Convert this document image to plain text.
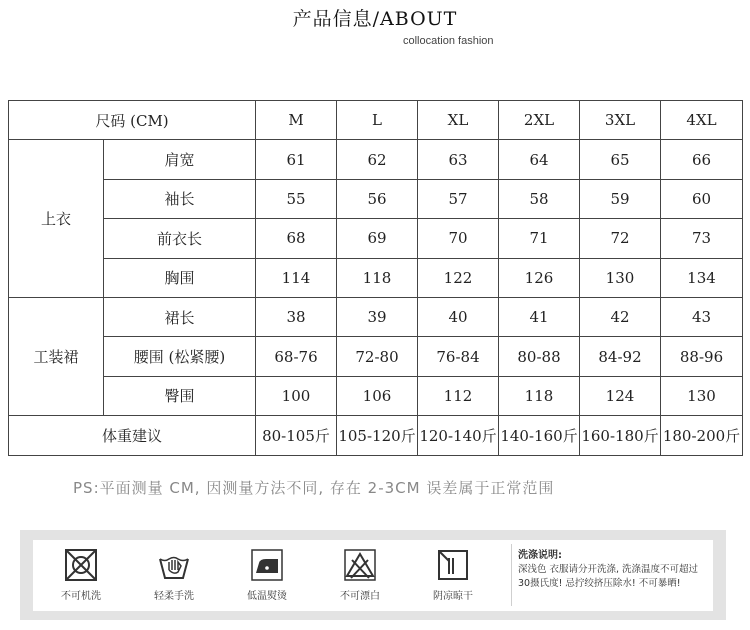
产品信息/ABOUT
collocation fashion
尺码 (CM)		M	L	XL	2XL	3XL	4XL
上衣	肩宽	61	62	63	64	65	66
	袖长	55	56	57	58	59	60
	前衣长	68	69	70	71	72	73
	胸围	114	118	122	126	130	134
工装裙	裙长	38	39	40	41	42	43
	腰围 (松紧腰)	68-76	72-80	76-84	80-88	84-92	88-96
	臀围	100	106	112	118	124	130
体重建议		80-105斤	105-120斤	120-140斤	140-160斤	160-180斤	180-200斤
PS:平面测量 CM, 因测量方法不同, 存在 2-3CM 误差属于正常范围
不可机洗	轻柔手洗	低温熨烫	不可漂白	阴凉晾干
洗涤说明:
深浅色 衣服请分开洗涤, 洗涤温度不可超过30摄氏度! 忌拧绞挤压除水! 不可暴晒!
